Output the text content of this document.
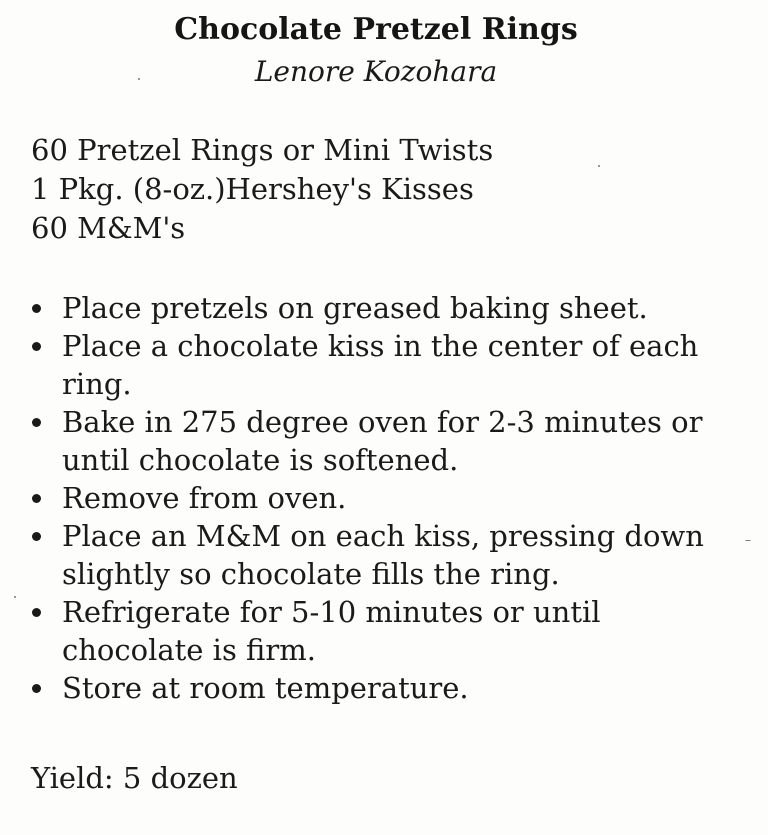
Chocolate Pretzel Rings
Lenore Kozohara
60 Pretzel Rings or Mini Twists
1 Pkg. (8-oz.)Hershey's Kisses
60 M&M's
Place pretzels on greased baking sheet.
Place a chocolate kiss in the center of each ring.
Bake in 275 degree oven for 2-3 minutes or until chocolate is softened.
Remove from oven.
Place an M&M on each kiss, pressing down slightly so chocolate fills the ring.
Refrigerate for 5-10 minutes or until chocolate is firm.
Store at room temperature.
Yield: 5 dozen
